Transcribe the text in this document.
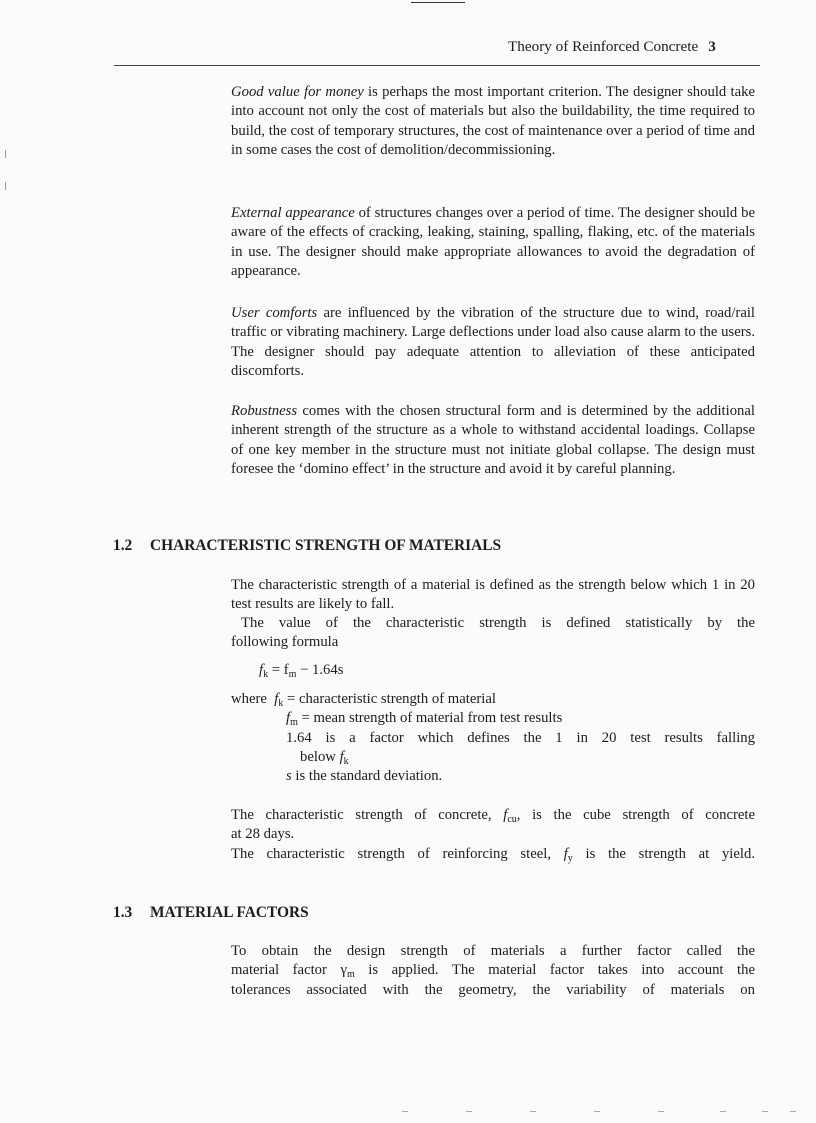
Theory of Reinforced Concrete 3

Good value for money is perhaps the most important criterion. The designer should take into account not only the cost of materials but also the buildability, the time required to build, the cost of temporary structures, the cost of maintenance over a period of time and in some cases the cost of demolition/decommissioning.

External appearance of structures changes over a period of time. The designer should be aware of the effects of cracking, leaking, staining, spalling, flaking, etc. of the materials in use. The designer should make appropriate allowances to avoid the degradation of appearance.

User comforts are influenced by the vibration of the structure due to wind, road/rail traffic or vibrating machinery. Large deflections under load also cause alarm to the users. The designer should pay adequate attention to alleviation of these anticipated discomforts.

Robustness comes with the chosen structural form and is determined by the additional inherent strength of the structure as a whole to withstand accidental loadings. Collapse of one key member in the structure must not initiate global collapse. The design must foresee the ‘domino effect’ in the structure and avoid it by careful planning.

1.2 CHARACTERISTIC STRENGTH OF MATERIALS

The characteristic strength of a material is defined as the strength below which 1 in 20 test results are likely to fall.

The value of the characteristic strength is defined statistically by the

following formula

$f_k = f_m - 1.64s$

where $f_k$ = characteristic strength of material

$f_m$ = mean strength of material from test results

1.64 is a factor which defines the 1 in 20 test results falling

below $f_k$

s is the standard deviation.

The characteristic strength of concrete, $f_{cu}$, is the cube strength of concrete

at 28 days.

The characteristic strength of reinforcing steel, $f_y$ is the strength at yield.

1.3 MATERIAL FACTORS

To obtain the design strength of materials a further factor called the

material factor $\gamma_m$ is applied. The material factor takes into account the

tolerances associated with the geometry, the variability of materials on
